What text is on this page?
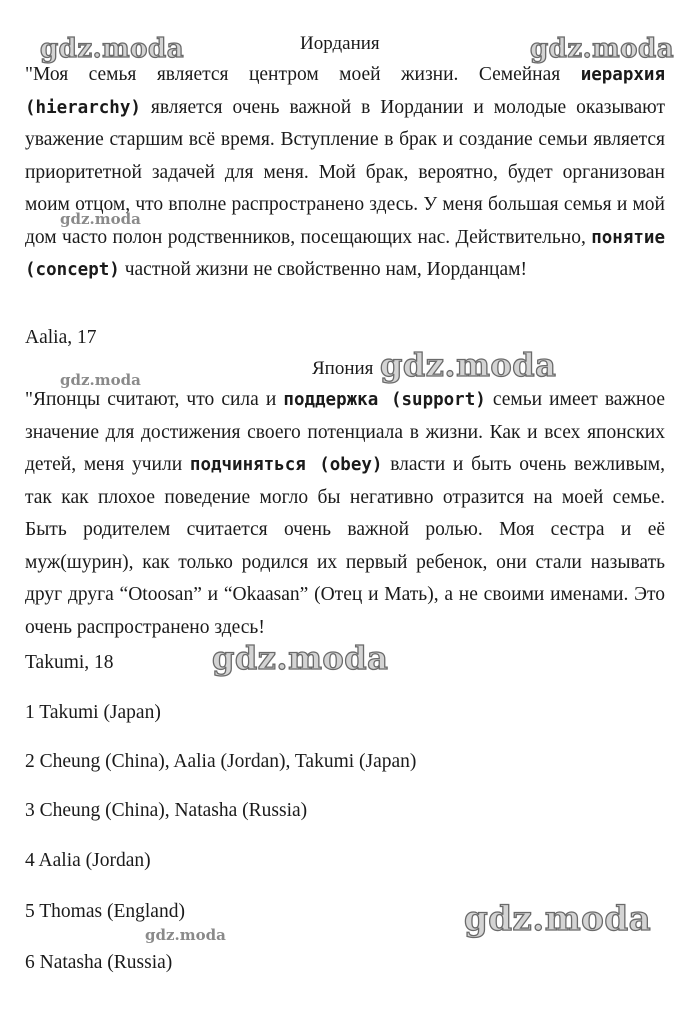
Иордания

"Моя семья является центром моей жизни. Семейная иерархия (hierarchy) является очень важной в Иордании и молодые оказывают уважение старшим всё время. Вступление в брак и создание семьи является приоритетной задачей для меня. Мой брак, вероятно, будет организован моим отцом, что вполне распространено здесь. У меня большая семья и мой дом часто полон родственников, посещающих нас. Действительно, понятие (concept) частной жизни не свойственно нам, Иорданцам!

Aalia, 17
Япония

"Японцы считают, что сила и поддержка (support) семьи имеет важное значение для достижения своего потенциала в жизни. Как и всех японских детей, меня учили подчиняться (obey) власти и быть очень вежливым, так как плохое поведение могло бы негативно отразится на моей семье. Быть родителем считается очень важной ролью. Моя сестра и её муж(шурин), как только родился их первый ребенок, они стали называть друг друга “Otoosan” и “Okaasan” (Отец и Мать), а не своими именами. Это очень распространено здесь!

Takumi, 18
1 Takumi (Japan)
2 Cheung (China), Aalia (Jordan), Takumi (Japan)
3 Cheung (China), Natasha (Russia)
4 Aalia (Jordan)
5 Thomas (England)
6 Natasha (Russia)
gdz.moda	gdz.moda
gdz.moda
gdz.moda
gdz.moda
gdz.moda
gdz.moda
gdz.moda
